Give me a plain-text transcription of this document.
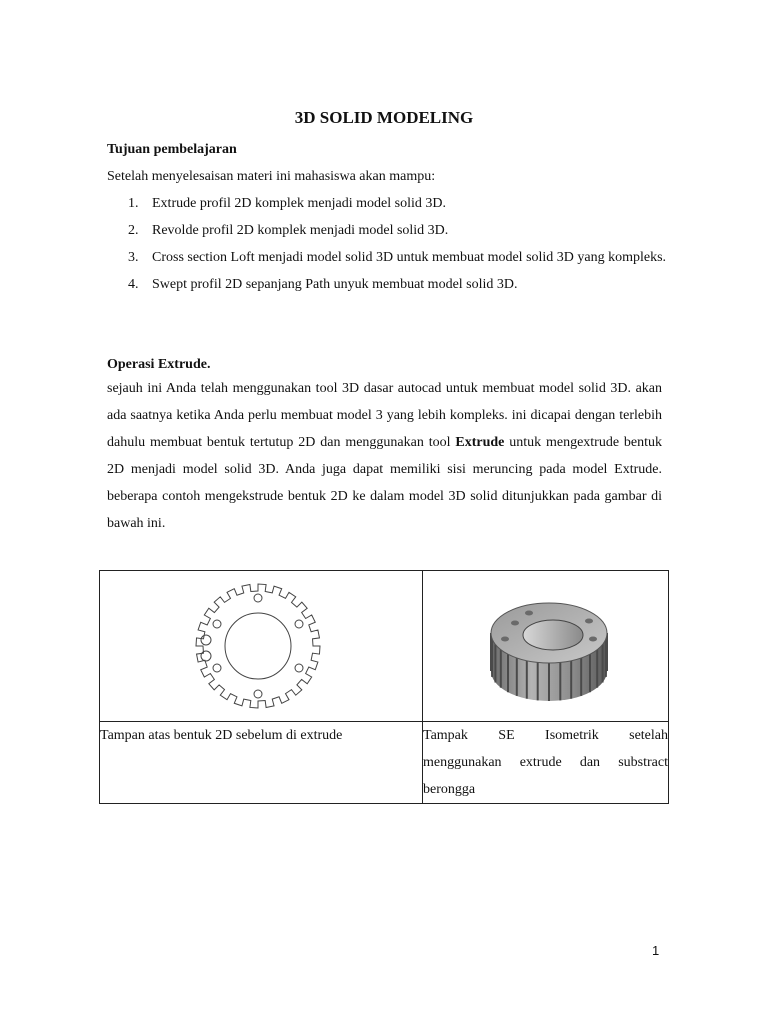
3D SOLID MODELING
Tujuan pembelajaran
Setelah menyelesaisan materi ini mahasiswa akan mampu:
1. Extrude profil 2D komplek menjadi model solid 3D.
2. Revolde profil 2D komplek menjadi model solid 3D.
3. Cross section Loft menjadi model solid 3D untuk membuat model solid 3D yang kompleks.
4. Swept profil 2D sepanjang Path unyuk membuat model solid 3D.
Operasi Extrude.

sejauh ini Anda telah menggunakan tool 3D dasar autocad untuk membuat model solid 3D. akan ada saatnya ketika Anda perlu membuat model 3 yang lebih kompleks. ini dicapai dengan terlebih dahulu membuat bentuk tertutup 2D dan menggunakan tool Extrude untuk mengextrude bentuk 2D menjadi model solid 3D. Anda juga dapat memiliki sisi meruncing pada model Extrude. beberapa contoh mengekstrude bentuk 2D ke dalam model 3D solid ditunjukkan pada gambar di bawah ini.

Tampan atas bentuk 2D sebelum di extrude	Tampak SE Isometrik setelah menggunakan extrude dan substract berongga
1
